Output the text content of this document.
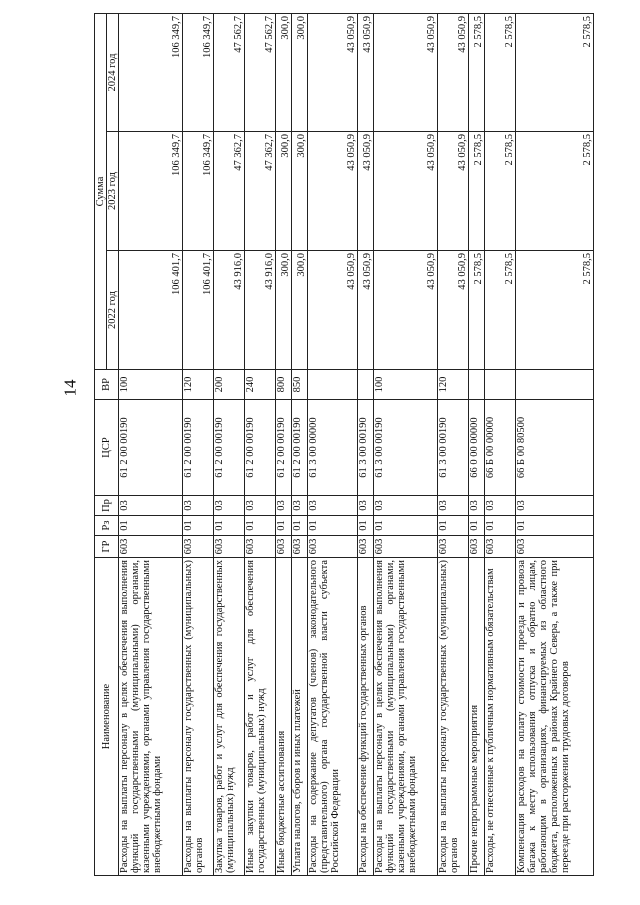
14
Наименование	ГР	Рз	Пр	ЦСР	ВР	Сумма		
						2022 год	2023 год	2024 год
Расходы на выплаты персоналу в целях обеспечения выполнения функций государственными (муниципальными) органами, казенными учреждениями, органами управления государственными внебюджетными фондами	603	01	03	61 2 00 00190	100	106 401,7	106 349,7	106 349,7
Расходы на выплаты персоналу государственных (муниципальных) органов	603	01	03	61 2 00 00190	120	106 401,7	106 349,7	106 349,7
Закупка товаров, работ и услуг для обеспечения государственных (муниципальных) нужд	603	01	03	61 2 00 00190	200	43 916,0	47 362,7	47 562,7
Иные закупки товаров, работ и услуг для обеспечения государственных (муниципальных) нужд	603	01	03	61 2 00 00190	240	43 916,0	47 362,7	47 562,7
Иные бюджетные ассигнования	603	01	03	61 2 00 00190	800	300,0	300,0	300,0
Уплата налогов, сборов и иных платежей	603	01	03	61 2 00 00190	850	300,0	300,0	300,0
Расходы на содержание депутатов (членов) законодательного (представительного) органа государственной власти субъекта Российской Федерации	603	01	03	61 3 00 00000		43 050,9	43 050,9	43 050,9
Расходы на обеспечение функций государственных органов	603	01	03	61 3 00 00190		43 050,9	43 050,9	43 050,9
Расходы на выплаты персоналу в целях обеспечения выполнения функций государственными (муниципальными) органами, казенными учреждениями, органами управления государственными внебюджетными фондами	603	01	03	61 3 00 00190	100	43 050,9	43 050,9	43 050,9
Расходы на выплаты персоналу государственных (муниципальных) органов	603	01	03	61 3 00 00190	120	43 050,9	43 050,9	43 050,9
Прочие непрограммные мероприятия	603	01	03	66 0 00 00000		2 578,5	2 578,5	2 578,5
Расходы, не отнесенные к публичным нормативным обязательствам	603	01	03	66 Б 00 00000		2 578,5	2 578,5	2 578,5
Компенсация расходов на оплату стоимости проезда и провоза багажа к месту использования отпуска и обратно лицам, работающим в организациях, финансируемых из областного бюджета, расположенных в районах Крайнего Севера, а также при переезде при расторжении трудовых договоров	603	01	03	66 Б 00 80500		2 578,5	2 578,5	2 578,5
